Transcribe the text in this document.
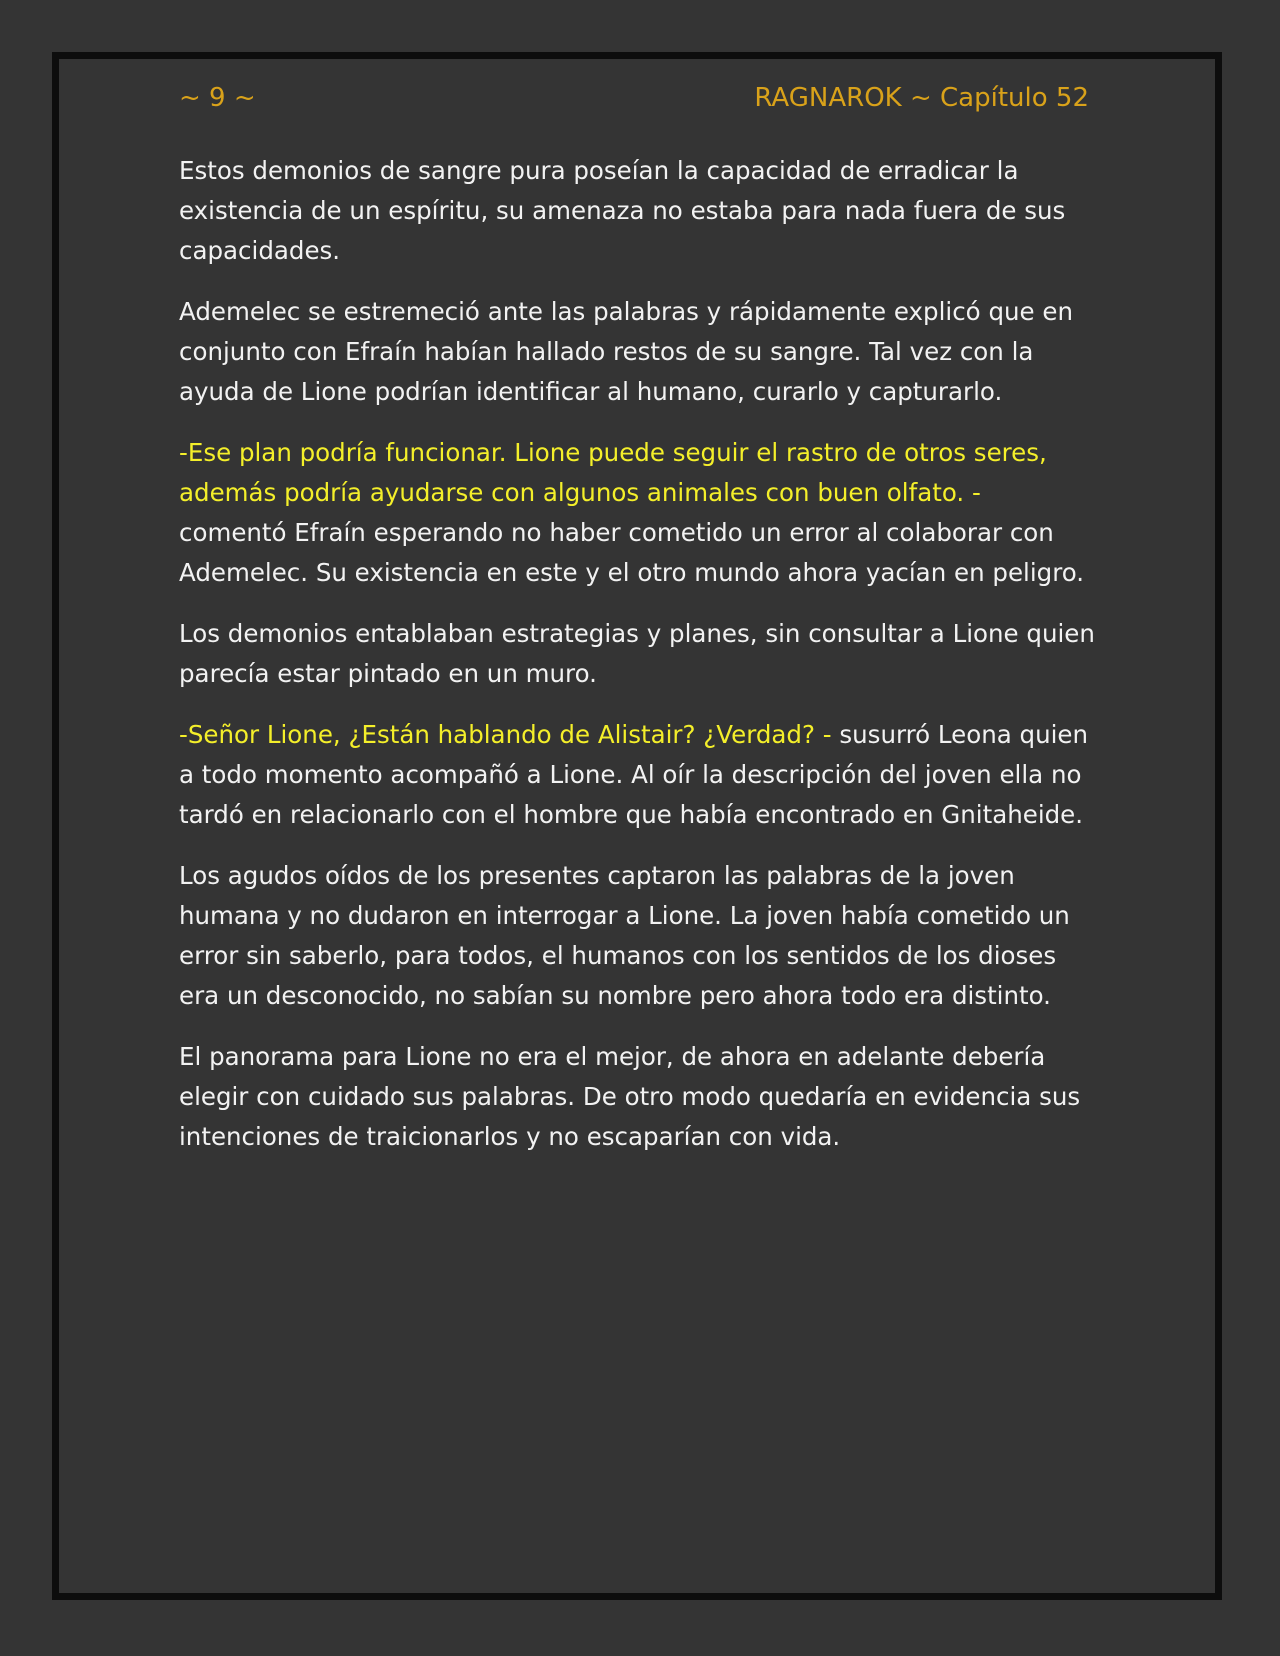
~ 9 ~	RAGNAROK ~ Capítulo 52

Estos demonios de sangre pura poseían la capacidad de erradicar la existencia de un espíritu, su amenaza no estaba para nada fuera de sus capacidades.

Ademelec se estremeció ante las palabras y rápidamente explicó que en conjunto con Efraín habían hallado restos de su sangre. Tal vez con la ayuda de Lione podrían identificar al humano, curarlo y capturarlo.

-Ese plan podría funcionar. Lione puede seguir el rastro de otros seres, además podría ayudarse con algunos animales con buen olfato. - comentó Efraín esperando no haber cometido un error al colaborar con Ademelec. Su existencia en este y el otro mundo ahora yacían en peligro.

Los demonios entablaban estrategias y planes, sin consultar a Lione quien parecía estar pintado en un muro.

-Señor Lione, ¿Están hablando de Alistair? ¿Verdad? - susurró Leona quien a todo momento acompañó a Lione. Al oír la descripción del joven ella no tardó en relacionarlo con el hombre que había encontrado en Gnitaheide.

Los agudos oídos de los presentes captaron las palabras de la joven humana y no dudaron en interrogar a Lione. La joven había cometido un error sin saberlo, para todos, el humanos con los sentidos de los dioses era un desconocido, no sabían su nombre pero ahora todo era distinto.

El panorama para Lione no era el mejor, de ahora en adelante debería elegir con cuidado sus palabras. De otro modo quedaría en evidencia sus intenciones de traicionarlos y no escaparían con vida.
